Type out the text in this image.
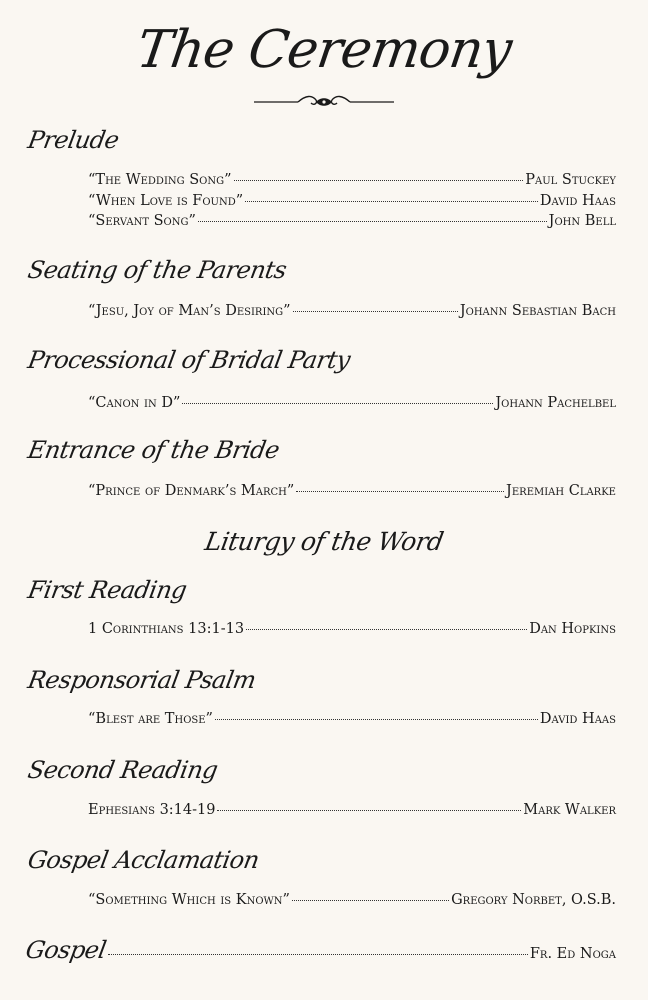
The Ceremony
Prelude
“The Wedding Song”	Paul Stuckey
“When Love is Found”	David Haas
“Servant Song”	John Bell
Seating of the Parents
“Jesu, Joy of Man’s Desiring”	Johann Sebastian Bach
Processional of Bridal Party
“Canon in D”	Johann Pachelbel
Entrance of the Bride
“Prince of Denmark’s March”	Jeremiah Clarke
Liturgy of the Word
First Reading
1 Corinthians 13:1-13	Dan Hopkins
Responsorial Psalm
“Blest are Those”	David Haas
Second Reading
Ephesians 3:14-19	Mark Walker
Gospel Acclamation
“Something Which is Known”	Gregory Norbet, O.S.B.
Gospel	Fr. Ed Noga
